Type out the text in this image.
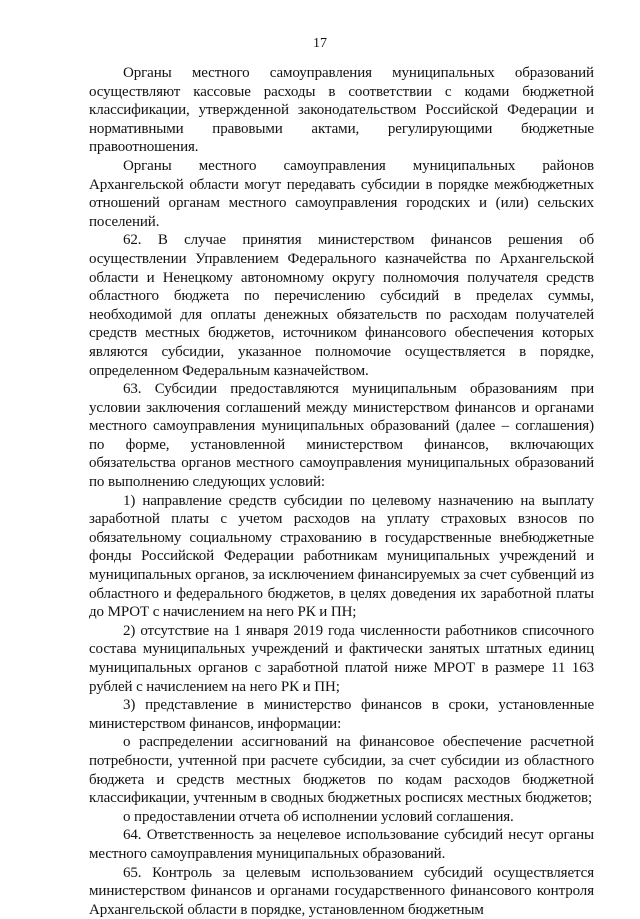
17

Органы местного самоуправления муниципальных образований осуществляют кассовые расходы в соответствии с кодами бюджетной классификации, утвержденной законодательством Российской Федерации и нормативными правовыми актами, регулирующими бюджетные правоотношения.

Органы местного самоуправления муниципальных районов Архангельской области могут передавать субсидии в порядке межбюджетных отношений органам местного самоуправления городских и (или) сельских поселений.

62. В случае принятия министерством финансов решения об осуществлении Управлением Федерального казначейства по Архангельской области и Ненецкому автономному округу полномочия получателя средств областного бюджета по перечислению субсидий в пределах суммы, необходимой для оплаты денежных обязательств по расходам получателей средств местных бюджетов, источником финансового обеспечения которых являются субсидии, указанное полномочие осуществляется в порядке, определенном Федеральным казначейством.

63. Субсидии предоставляются муниципальным образованиям при условии заключения соглашений между министерством финансов и органами местного самоуправления муниципальных образований (далее – соглашения) по форме, установленной министерством финансов, включающих обязательства органов местного самоуправления муниципальных образований по выполнению следующих условий:

1) направление средств субсидии по целевому назначению на выплату заработной платы с учетом расходов на уплату страховых взносов по обязательному социальному страхованию в государственные внебюджетные фонды Российской Федерации работникам муниципальных учреждений и муниципальных органов, за исключением финансируемых за счет субвенций из областного и федерального бюджетов, в целях доведения их заработной платы до МРОТ с начислением на него РК и ПН;

2) отсутствие на 1 января 2019 года численности работников списочного состава муниципальных учреждений и фактически занятых штатных единиц муниципальных органов с заработной платой ниже МРОТ в размере 11 163 рублей с начислением на него РК и ПН;

3) представление в министерство финансов в сроки, установленные министерством финансов, информации:

о распределении ассигнований на финансовое обеспечение расчетной потребности, учтенной при расчете субсидии, за счет субсидии из областного бюджета и средств местных бюджетов по кодам расходов бюджетной классификации, учтенным в сводных бюджетных росписях местных бюджетов;

о предоставлении отчета об исполнении условий соглашения.

64. Ответственность за нецелевое использование субсидий несут органы местного самоуправления муниципальных образований.

65. Контроль за целевым использованием субсидий осуществляется министерством финансов и органами государственного финансового контроля Архангельской области в порядке, установленном бюджетным
